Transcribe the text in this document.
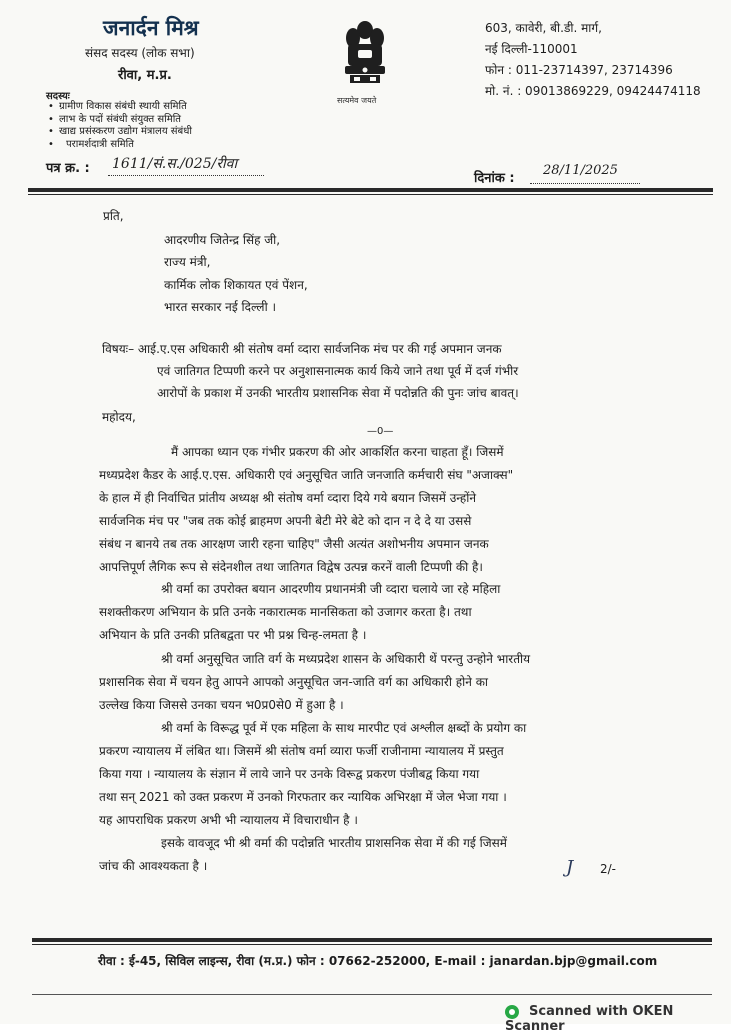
जनार्दन मिश्र
संसद सदस्य (लोक सभा)
रीवा, म.प्र.
सत्यमेव जयते
603, कावेरी, बी.डी. मार्ग,
नई दिल्ली-110001
फोन : 011-23714397, 23714396
मो. नं. : 09013869229, 09424474118
सदस्यः
• ग्रामीण विकास संबंधी स्थायी समिति
• लाभ के पदों संबंधी संयुक्त समिति
• खाद्य प्रसंस्करण उद्योग मंत्रालय संबंधी
• परामर्शदात्री समिति
पत्र क्र. : 1611/सं.स./025/रीवा
दिनांक :
28/11/2025
प्रति,
आदरणीय जितेन्द्र सिंह जी,
राज्य मंत्री,
कार्मिक लोक शिकायत एवं पेंशन,
भारत सरकार नई दिल्ली ।
विषयः– आई.ए.एस अधिकारी श्री संतोष वर्मा व्दारा सार्वजनिक मंच पर की गई अपमान जनक
एवं जातिगत टिप्पणी करने पर अनुशासनात्मक कार्य किये जाने तथा पूर्व में दर्ज गंभीर
आरोपों के प्रकाश में उनकी भारतीय प्रशासनिक सेवा में पदोन्नति की पुनः जांच बावत्।
महोदय,
—0—
मैं आपका ध्यान एक गंभीर प्रकरण की ओर आकर्शित करना चाहता हूँ। जिसमें
मध्यप्रदेश कैडर के आई.ए.एस. अधिकारी एवं अनुसूचित जाति जनजाति कर्मचारी संघ "अजाक्स"
के हाल में ही निर्वाचित प्रांतीय अध्यक्ष श्री संतोष वर्मा व्दारा दिये गये बयान जिसमें उन्होंने
सार्वजनिक मंच पर "जब तक कोई ब्राहमण अपनी बेटी मेरे बेटे को दान न दे दे या उससे
संबंध न बानये तब तक आरक्षण जारी रहना चाहिए" जैसी अत्यंत अशोभनीय अपमान जनक
आपत्तिपूर्ण लैगिक रूप से संदेनशील तथा जातिगत विद्वेष उत्पन्न करनें वाली टिप्पणी की है।
श्री वर्मा का उपरोक्त बयान आदरणीय प्रधानमंत्री जी व्दारा चलाये जा रहे महिला
सशक्तीकरण अभियान के प्रति उनके नकारात्मक मानसिकता को उजागर करता है। तथा
अभियान के प्रति उनकी प्रतिबद्वता पर भी प्रश्न चिन्ह-लमता है ।
श्री वर्मा अनुसूचित जाति वर्ग के मध्यप्रदेश शासन के अधिकारी थें परन्तु उन्होने भारतीय
प्रशासनिक सेवा में चयन हेतु आपने आपको अनुसूचित जन-जाति वर्ग का अधिकारी होने का
उल्लेख किया जिससे उनका चयन भ0प्र0से0 में हुआ है ।
श्री वर्मा के विरूद्ध पूर्व में एक महिला के साथ मारपीट एवं अश्लील क्षब्दों के प्रयोग का
प्रकरण न्यायालय में लंबित था। जिसमें श्री संतोष वर्मा व्यारा फर्जी राजीनामा न्यायालय में प्रस्तुत
किया गया । न्यायालय के संज्ञान में लाये जाने पर उनके विरूद्व प्रकरण पंजीबद्व किया गया
तथा सन् 2021 को उक्त प्रकरण में उनको गिरफतार कर न्यायिक अभिरक्षा में जेल भेजा गया ।
यह आपराधिक प्रकरण अभी भी न्यायालय में विचाराधीन है ।
इसके वावजूद भी श्री वर्मा की पदोन्नति भारतीय प्राशसनिक सेवा में की गई जिसमें
जांच की आवश्यकता है ।	J 2/-
रीवा : ई-45, सिविल लाइन्स, रीवा (म.प्र.) फोन : 07662-252000, E-mail : janardan.bjp@gmail.com
Scanned with OKEN Scanner
